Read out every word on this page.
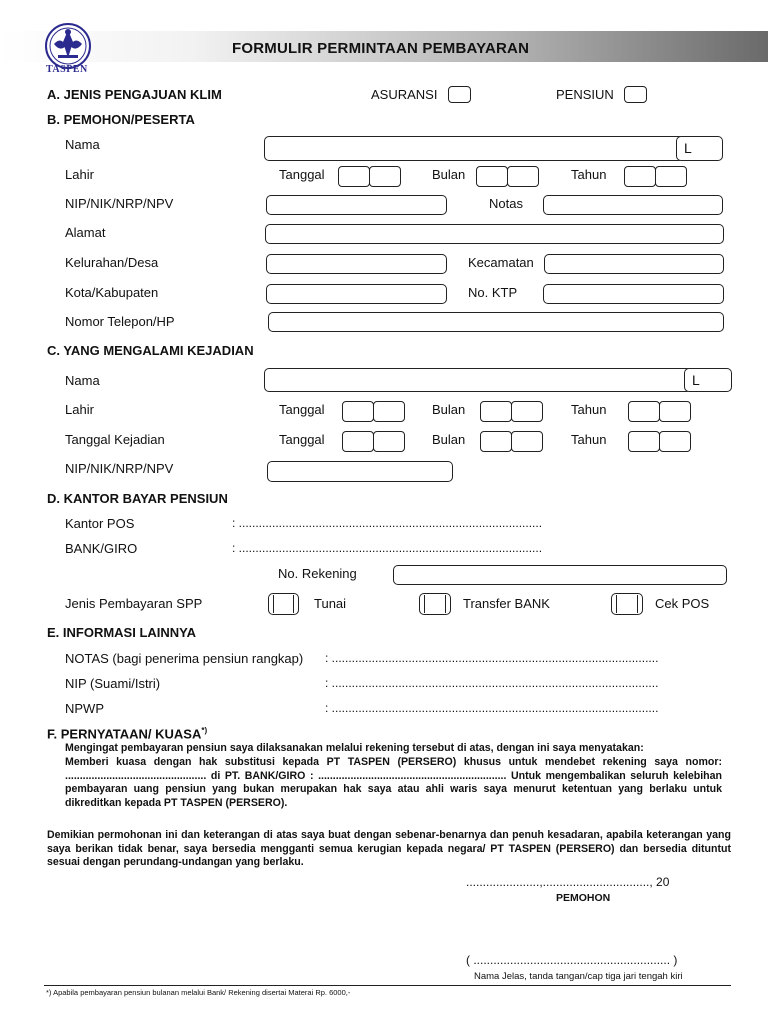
TASPEN
FORMULIR PERMINTAAN PEMBAYARAN
A. JENIS PENGAJUAN KLIM	ASURANSI	PENSIUN
B. PEMOHON/PESERTA
Nama	L
Lahir	Tanggal	Bulan	Tahun
NIP/NIK/NRP/NPV	Notas
Alamat
Kelurahan/Desa	Kecamatan
Kota/Kabupaten	No. KTP
Nomor Telepon/HP
C. YANG MENGALAMI KEJADIAN
Nama	L
Lahir	Tanggal	Bulan	Tahun
Tanggal Kejadian	Tanggal	Bulan	Tahun
NIP/NIK/NRP/NPV
D. KANTOR BAYAR PENSIUN
Kantor POS	: ...........................................................................................
BANK/GIRO	: ...........................................................................................
No. Rekening
Jenis Pembayaran SPP	Tunai	Transfer BANK	Cek POS
E. INFORMASI LAINNYA
NOTAS (bagi penerima pensiun rangkap) : ..................................................................................................
NIP (Suami/Istri)	: ..................................................................................................
NPWP	: ..................................................................................................
F. PERNYATAAN/ KUASA*)
Mengingat pembayaran pensiun saya dilaksanakan melalui rekening tersebut di atas, dengan ini saya menyatakan:
Memberi kuasa dengan hak substitusi kepada PT TASPEN (PERSERO) khusus untuk mendebet rekening saya nomor: ................................................ di PT. BANK/GIRO : ................................................................ Untuk mengembalikan seluruh kelebihan pembayaran uang pensiun yang bukan merupakan hak saya atau ahli waris saya menurut ketentuan yang berlaku untuk dikreditkan kepada PT TASPEN (PERSERO).
Demikian permohonan ini dan keterangan di atas saya buat dengan sebenar-benarnya dan penuh kesadaran, apabila keterangan yang saya berikan tidak benar, saya bersedia mengganti semua kerugian kepada negara/ PT TASPEN (PERSERO) dan bersedia dituntut sesuai dengan perundang-undangan yang berlaku.
......................,................................, 20
PEMOHON
( ........................................................... )
Nama Jelas, tanda tangan/cap tiga jari tengah kiri
*) Apabila pembayaran pensiun bulanan melalui Bank/ Rekening disertai Materai Rp. 6000,-
